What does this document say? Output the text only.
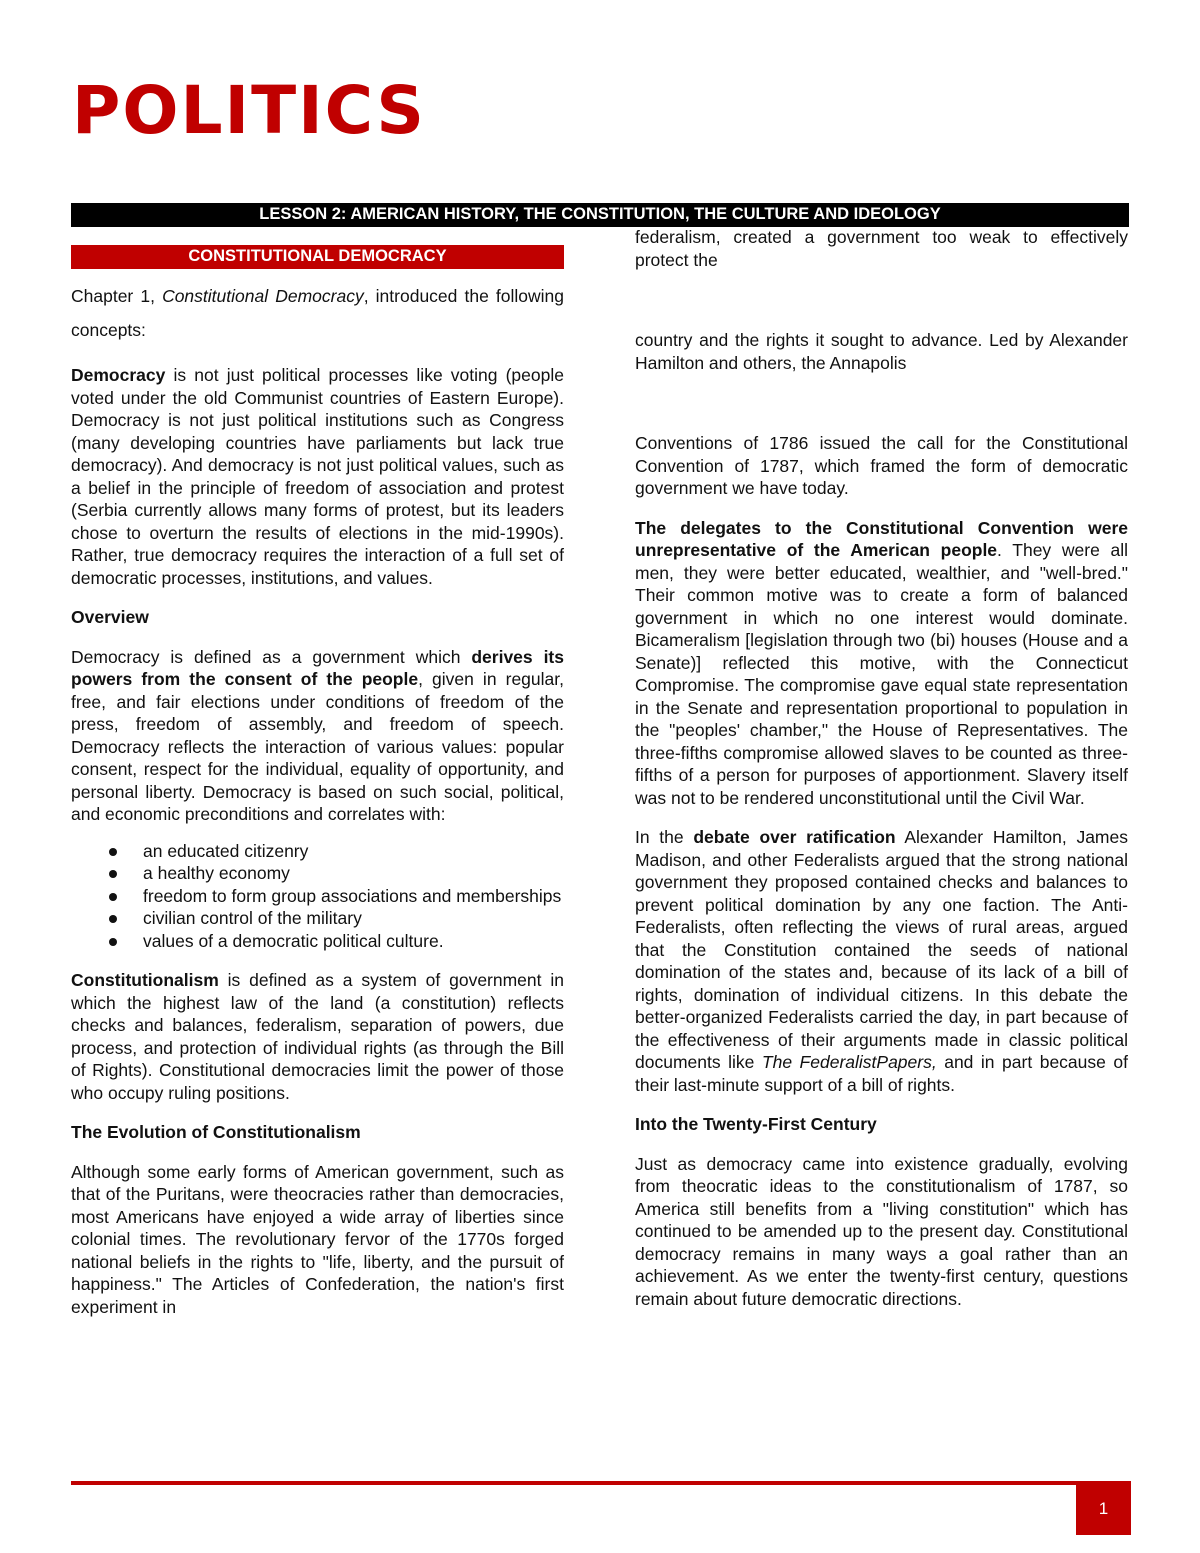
POLITICS
LESSON 2: AMERICAN HISTORY, THE CONSTITUTION, THE CULTURE AND IDEOLOGY
CONSTITUTIONAL DEMOCRACY

Chapter 1, Constitutional Democracy, introduced the following concepts:

Democracy is not just political processes like voting (people voted under the old Communist countries of Eastern Europe). Democracy is not just political institutions such as Congress (many developing countries have parliaments but lack true democracy). And democracy is not just political values, such as a belief in the principle of freedom of association and protest (Serbia currently allows many forms of protest, but its leaders chose to overturn the results of elections in the mid-1990s). Rather, true democracy requires the interaction of a full set of democratic processes, institutions, and values.

Overview

Democracy is defined as a government which derives its powers from the consent of the people, given in regular, free, and fair elections under conditions of freedom of the press, freedom of assembly, and freedom of speech. Democracy reflects the interaction of various values: popular consent, respect for the individual, equality of opportunity, and personal liberty. Democracy is based on such social, political, and economic preconditions and correlates with:

an educated citizenry
a healthy economy
freedom to form group associations and memberships
civilian control of the military
values of a democratic political culture.

Constitutionalism is defined as a system of government in which the highest law of the land (a constitution) reflects checks and balances, federalism, separation of powers, due process, and protection of individual rights (as through the Bill of Rights). Constitutional democracies limit the power of those who occupy ruling positions.

The Evolution of Constitutionalism

Although some early forms of American government, such as that of the Puritans, were theocracies rather than democracies, most Americans have enjoyed a wide array of liberties since colonial times. The revolutionary fervor of the 1770s forged national beliefs in the rights to "life, liberty, and the pursuit of happiness." The Articles of Confederation, the nation's first experiment in

federalism, created a government too weak to effectively protect the

country and the rights it sought to advance. Led by Alexander Hamilton and others, the Annapolis

Conventions of 1786 issued the call for the Constitutional Convention of 1787, which framed the form of democratic government we have today.

The delegates to the Constitutional Convention were unrepresentative of the American people. They were all men, they were better educated, wealthier, and "well-bred." Their common motive was to create a form of balanced government in which no one interest would dominate. Bicameralism [legislation through two (bi) houses (House and a Senate)] reflected this motive, with the Connecticut Compromise. The compromise gave equal state representation in the Senate and representation proportional to population in the "peoples' chamber," the House of Representatives. The three-fifths compromise allowed slaves to be counted as three-fifths of a person for purposes of apportionment. Slavery itself was not to be rendered unconstitutional until the Civil War.

In the debate over ratification Alexander Hamilton, James Madison, and other Federalists argued that the strong national government they proposed contained checks and balances to prevent political domination by any one faction. The Anti-Federalists, often reflecting the views of rural areas, argued that the Constitution contained the seeds of national domination of the states and, because of its lack of a bill of rights, domination of individual citizens. In this debate the better-organized Federalists carried the day, in part because of the effectiveness of their arguments made in classic political documents like The FederalistPapers, and in part because of their last-minute support of a bill of rights.

Into the Twenty-First Century

Just as democracy came into existence gradually, evolving from theocratic ideas to the constitutionalism of 1787, so America still benefits from a "living constitution" which has continued to be amended up to the present day. Constitutional democracy remains in many ways a goal rather than an achievement. As we enter the twenty-first century, questions remain about future democratic directions.

1
